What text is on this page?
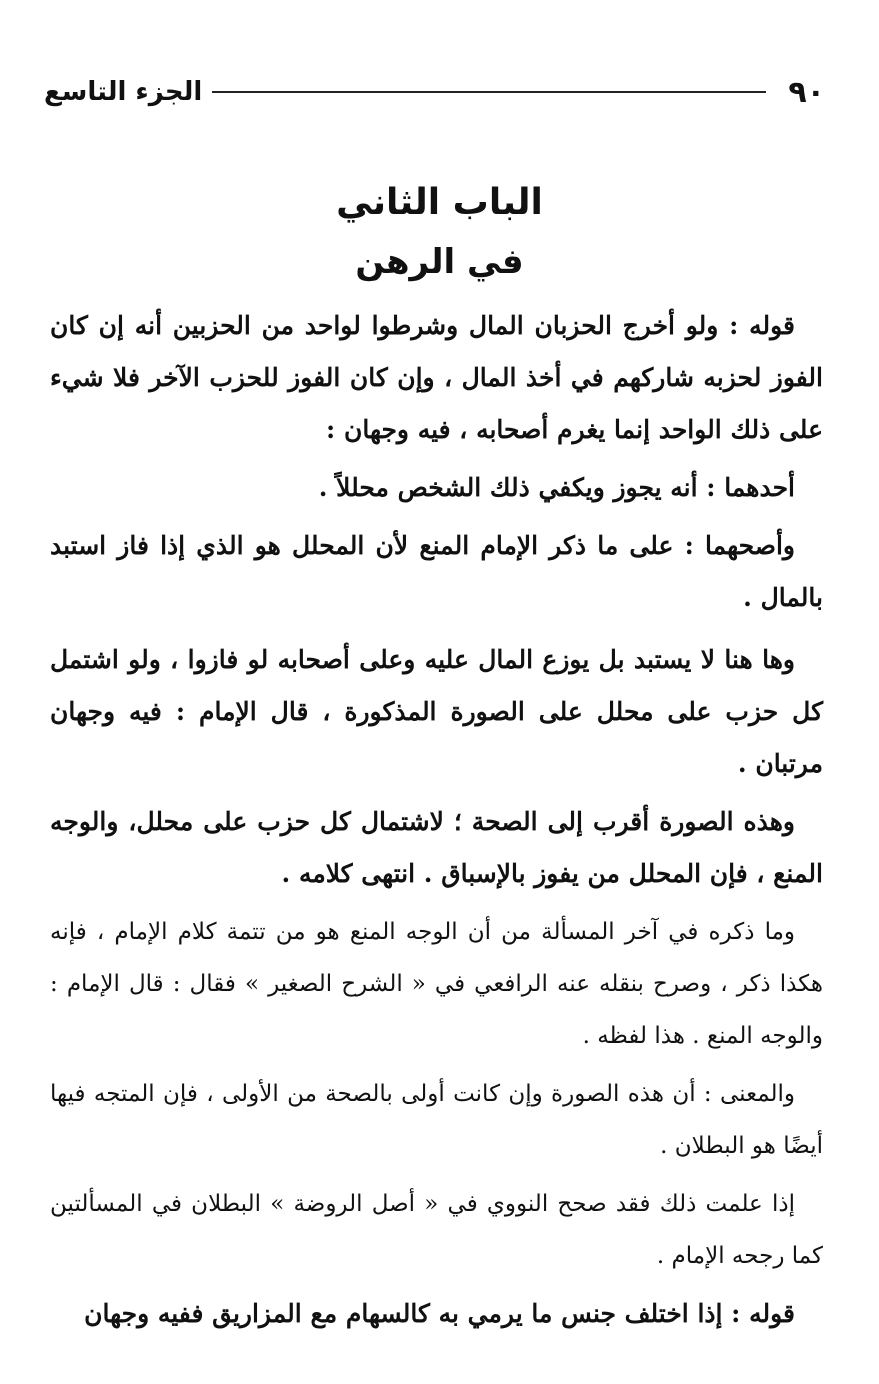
٩٠
الجزء التاسع
الباب الثاني
في الرهن

قوله : ولو أخرج الحزبان المال وشرطوا لواحد من الحزبين أنه إن كان الفوز لحزبه شاركهم في أخذ المال ، وإن كان الفوز للحزب الآخر فلا شيء على ذلك الواحد إنما يغرم أصحابه ، فيه وجهان :

أحدهما : أنه يجوز ويكفي ذلك الشخص محللاً .

وأصحهما : على ما ذكر الإمام المنع لأن المحلل هو الذي إذا فاز استبد بالمال .

وها هنا لا يستبد بل يوزع المال عليه وعلى أصحابه لو فازوا ، ولو اشتمل كل حزب على محلل على الصورة المذكورة ، قال الإمام : فيه وجهان مرتبان .

وهذه الصورة أقرب إلى الصحة ؛ لاشتمال كل حزب على محلل، والوجه المنع ، فإن المحلل من يفوز بالإسباق . انتهى كلامه .

وما ذكره في آخر المسألة من أن الوجه المنع هو من تتمة كلام الإمام ، فإنه هكذا ذكر ، وصرح بنقله عنه الرافعي في « الشرح الصغير » فقال : قال الإمام : والوجه المنع . هذا لفظه .

والمعنى : أن هذه الصورة وإن كانت أولى بالصحة من الأولى ، فإن المتجه فيها أيضًا هو البطلان .

إذا علمت ذلك فقد صحح النووي في « أصل الروضة » البطلان في المسألتين كما رجحه الإمام .

قوله : إذا اختلف جنس ما يرمي به كالسهام مع المزاريق ففيه وجهان
